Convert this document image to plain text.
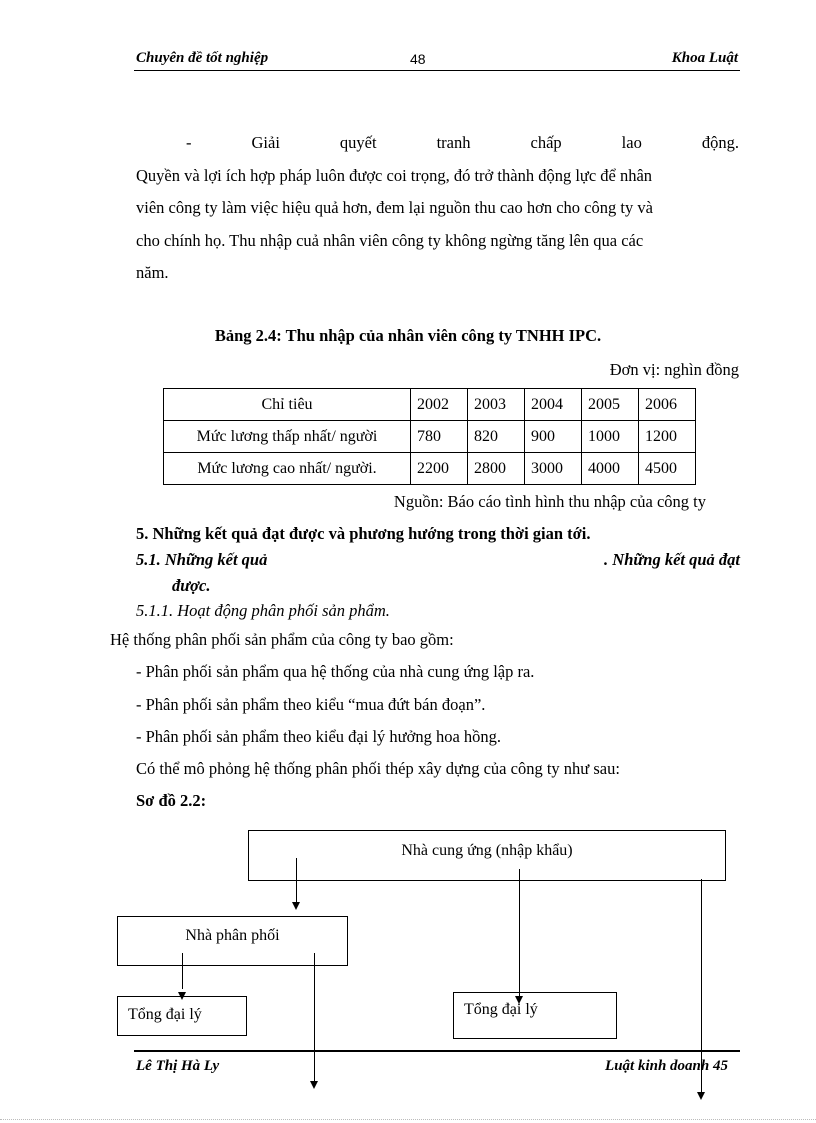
Chuyên đề tốt nghiệp	48	Khoa Luật
-	Giải	quyết	tranh	chấp	lao	động.
Quyền và lợi ích hợp pháp luôn được coi trọng, đó trở thành động lực để nhân
viên công ty làm việc hiệu quả hơn, đem lại nguồn thu cao hơn cho công ty và
cho chính họ. Thu nhập cuả nhân viên công ty không ngừng tăng lên qua các
năm.
Bảng 2.4: Thu nhập của nhân viên công ty TNHH IPC.
Đơn vị: nghìn đồng
Chỉ tiêu	2002	2003	2004	2005	2006
Mức lương thấp nhất/ người	780	820	900	1000	1200
Mức lương cao nhất/ người.	2200	2800	3000	4000	4500
Nguồn: Báo cáo tình hình thu nhập của công ty
5. Những kết quả đạt được và phương hướng trong thời gian tới.
5.1. Những kết quả	. Những kết quả đạt
được.
5.1.1. Hoạt động phân phối sản phẩm.
Hệ thống phân phối sản phẩm của công ty bao gồm:
- Phân phối sản phẩm qua hệ thống của nhà cung ứng lập ra.
- Phân phối sản phẩm theo kiểu “mua đứt bán đoạn”.
- Phân phối sản phẩm theo kiểu đại lý hưởng hoa hồng.
Có thể mô phỏng hệ thống phân phối thép xây dựng của công ty như sau:
Sơ đồ 2.2:
Nhà cung ứng (nhập khẩu)
Nhà phân phối
Tổng đại lý	Tổng đại lý
Lê Thị Hà Ly	Luật kinh doanh 45
